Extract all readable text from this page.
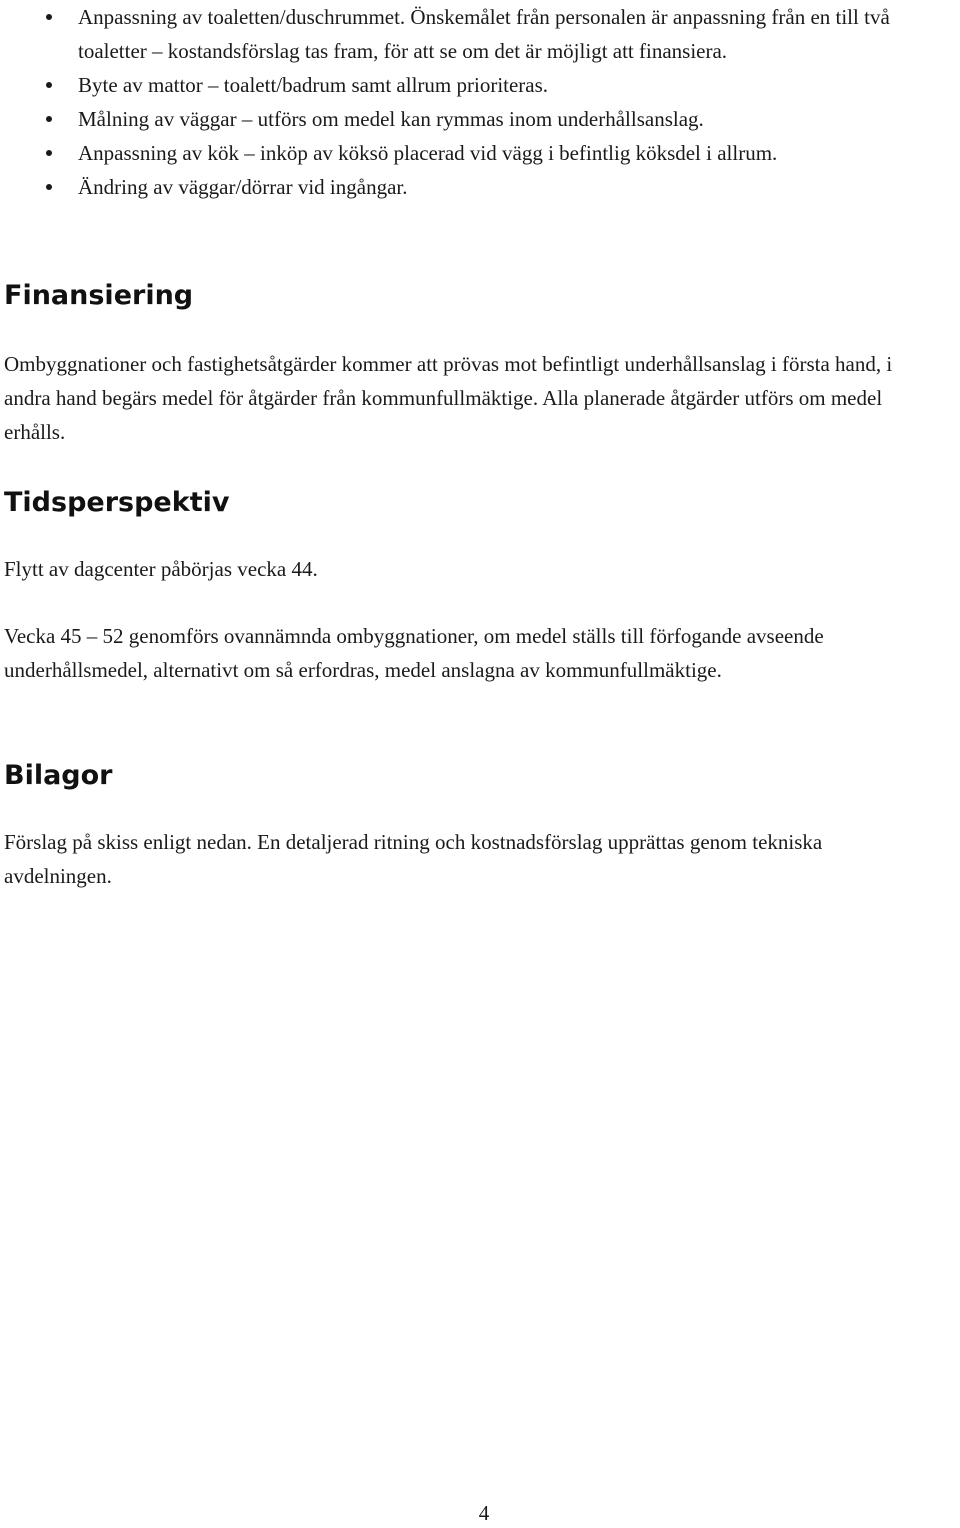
Anpassning av toaletten/duschrummet. Önskemålet från personalen är anpassning från en till två toaletter – kostandsförslag tas fram, för att se om det är möjligt att finansiera.
Byte av mattor – toalett/badrum samt allrum prioriteras.
Målning av väggar – utförs om medel kan rymmas inom underhållsanslag.
Anpassning av kök – inköp av köksö placerad vid vägg i befintlig köksdel i allrum.
Ändring av väggar/dörrar vid ingångar.
Finansiering

Ombyggnationer och fastighetsåtgärder kommer att prövas mot befintligt underhållsanslag i första hand, i andra hand begärs medel för åtgärder från kommunfullmäktige. Alla planerade åtgärder utförs om medel erhålls.

Tidsperspektiv

Flytt av dagcenter påbörjas vecka 44.

Vecka 45 – 52 genomförs ovannämnda ombyggnationer, om medel ställs till förfogande avseende underhållsmedel, alternativt om så erfordras, medel anslagna av kommunfullmäktige.

Bilagor

Förslag på skiss enligt nedan. En detaljerad ritning och kostnadsförslag upprättas genom tekniska avdelningen.

4
